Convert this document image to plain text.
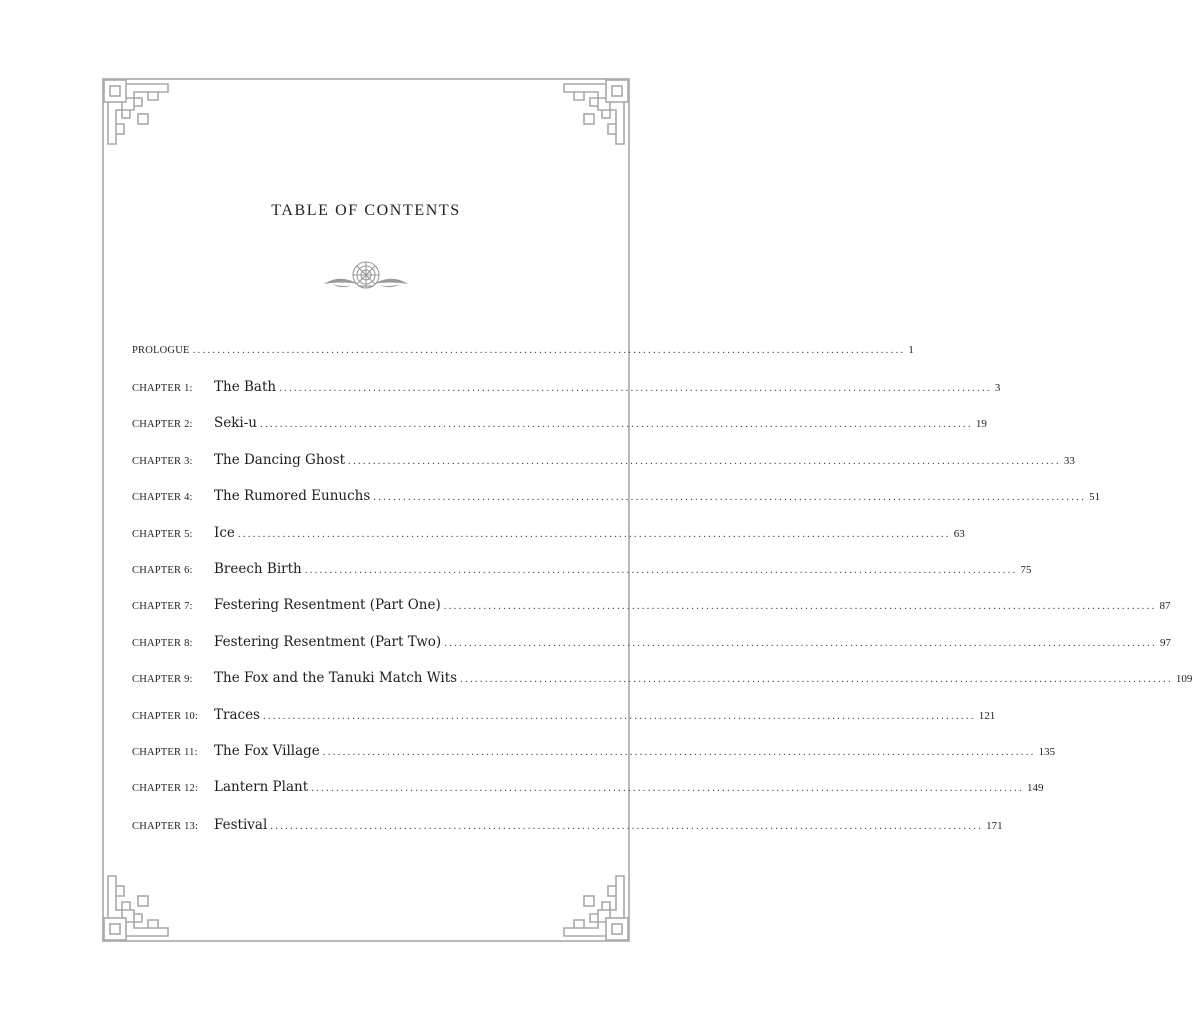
TABLE OF CONTENTS
PROLOGUE ................................................................................................................................................ 1
CHAPTER 1:	The Bath ................................................................................................................................................ 3
CHAPTER 2:	Seki-u ................................................................................................................................................ 19
CHAPTER 3:	The Dancing Ghost ................................................................................................................................................ 33
CHAPTER 4:	The Rumored Eunuchs ................................................................................................................................................ 51
CHAPTER 5:	Ice ................................................................................................................................................ 63
CHAPTER 6:	Breech Birth ................................................................................................................................................ 75
CHAPTER 7:	Festering Resentment (Part One) ................................................................................................................................................ 87
CHAPTER 8:	Festering Resentment (Part Two) ................................................................................................................................................ 97
CHAPTER 9:	The Fox and the Tanuki Match Wits ................................................................................................................................................ 109
CHAPTER 10:	Traces ................................................................................................................................................ 121
CHAPTER 11:	The Fox Village ................................................................................................................................................ 135
CHAPTER 12:	Lantern Plant ................................................................................................................................................ 149
CHAPTER 13:	Festival ................................................................................................................................................ 171
